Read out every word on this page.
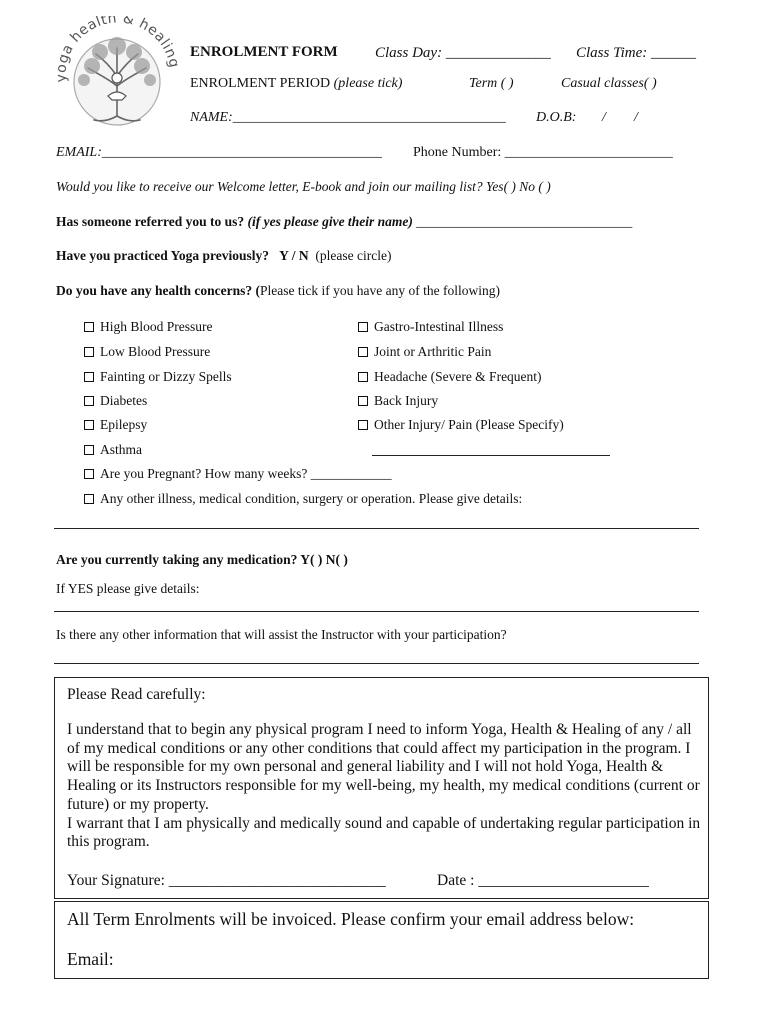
yoga health & healing
ENROLMENT FORM Class Day: ______________ Class Time: ______
ENROLMENT PERIOD (please tick)	Term ( )	Casual classes( )
NAME:_______________________________________ D.O.B: / /
EMAIL:________________________________________ Phone Number: ________________________
Would you like to receive our Welcome letter, E-book and join our mailing list? Yes( ) No ( )
Has someone referred you to us? (if yes please give their name) ________________________________
Have you practiced Yoga previously? Y / N (please circle)
Do you have any health concerns? (Please tick if you have any of the following)
High Blood Pressure
Low Blood Pressure
Fainting or Dizzy Spells
Diabetes
Epilepsy
Asthma
Gastro-Intestinal Illness
Joint or Arthritic Pain
Headache (Severe & Frequent)
Back Injury
Other Injury/ Pain (Please Specify)
Are you Pregnant? How many weeks? ____________
Any other illness, medical condition, surgery or operation. Please give details:
Are you currently taking any medication? Y( ) N( )
If YES please give details:
Is there any other information that will assist the Instructor with your participation?
Please Read carefully:
I understand that to begin any physical program I need to inform Yoga, Health & Healing of any / all of my medical conditions or any other conditions that could affect my participation in the program. I will be responsible for my own personal and general liability and I will not hold Yoga, Health & Healing or its Instructors responsible for my well-being, my health, my medical conditions (current or future) or my property.
I warrant that I am physically and medically sound and capable of undertaking regular participation in this program.
Your Signature: ____________________________	Date : ______________________
All Term Enrolments will be invoiced. Please confirm your email address below:
Email:
